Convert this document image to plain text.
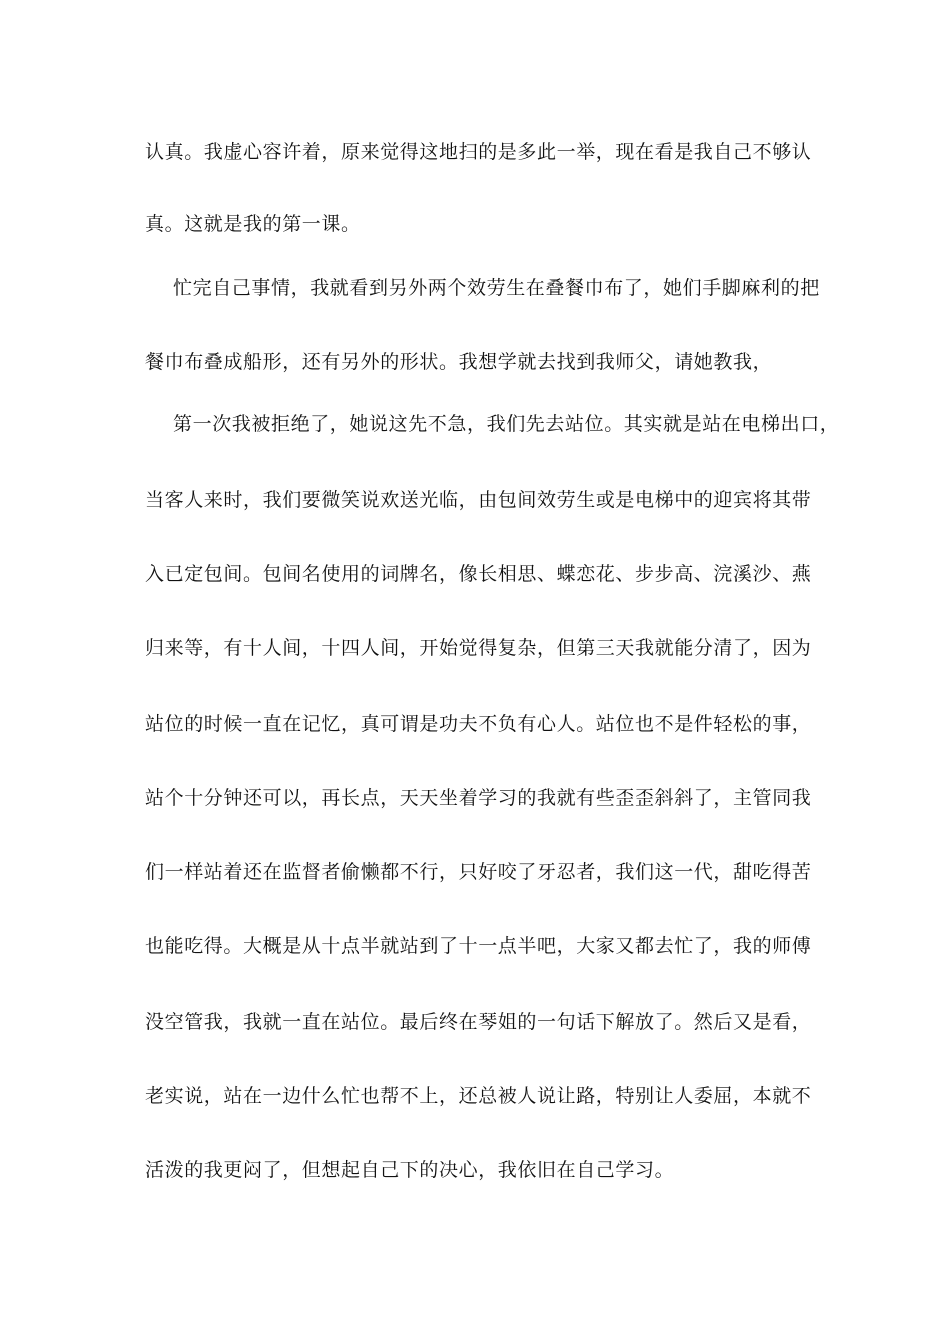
认真。我虚心容许着，原来觉得这地扫的是多此一举，现在看是我自己不够认
真。这就是我的第一课。
忙完自己事情，我就看到另外两个效劳生在叠餐巾布了，她们手脚麻利的把
餐巾布叠成船形，还有另外的形状。我想学就去找到我师父，请她教我，
第一次我被拒绝了，她说这先不急，我们先去站位。其实就是站在电梯出口，
当客人来时，我们要微笑说欢送光临，由包间效劳生或是电梯中的迎宾将其带
入已定包间。包间名使用的词牌名，像长相思、蝶恋花、步步高、浣溪沙、燕
归来等，有十人间，十四人间，开始觉得复杂，但第三天我就能分清了，因为
站位的时候一直在记忆，真可谓是功夫不负有心人。站位也不是件轻松的事，
站个十分钟还可以，再长点，天天坐着学习的我就有些歪歪斜斜了，主管同我
们一样站着还在监督者偷懒都不行，只好咬了牙忍者，我们这一代，甜吃得苦
也能吃得。大概是从十点半就站到了十一点半吧，大家又都去忙了，我的师傅
没空管我，我就一直在站位。最后终在琴姐的一句话下解放了。然后又是看，
老实说，站在一边什么忙也帮不上，还总被人说让路，特别让人委屈，本就不
活泼的我更闷了，但想起自己下的决心，我依旧在自己学习。
